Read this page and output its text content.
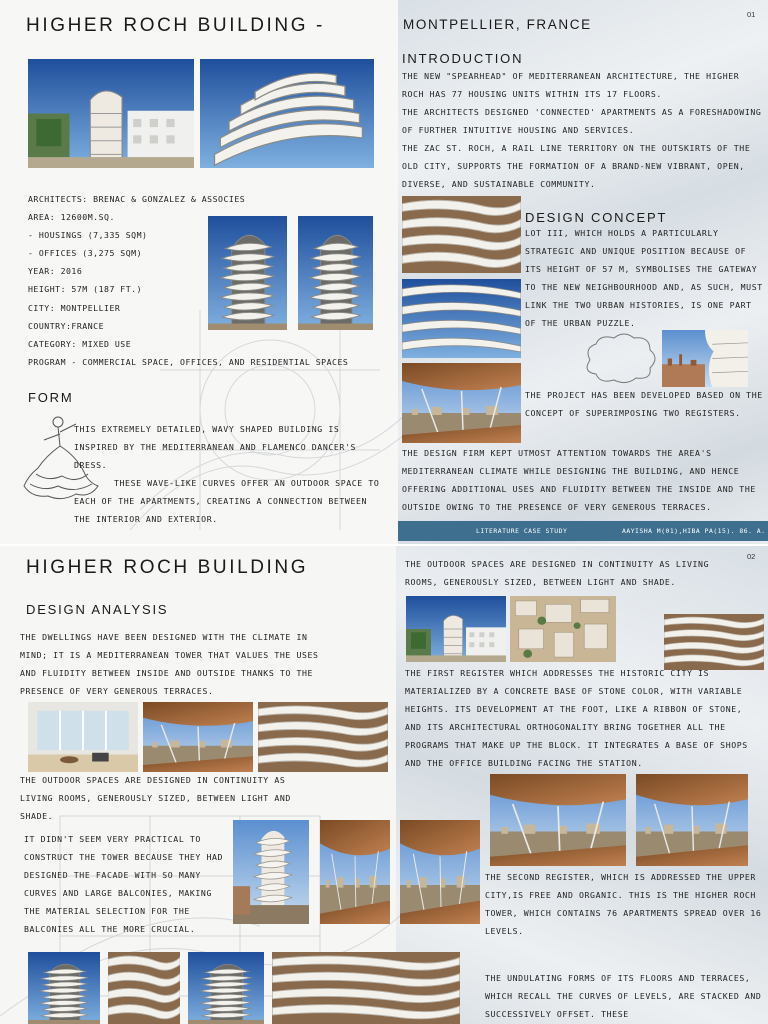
HIGHER ROCH BUILDING -	MONTPELLIER, FRANCE
01
INTRODUCTION

THE NEW "SPEARHEAD" OF MEDITERRANEAN ARCHITECTURE, THE HIGHER ROCH HAS 77 HOUSING UNITS WITHIN ITS 17 FLOORS.

THE ARCHITECTS DESIGNED 'CONNECTED' APARTMENTS AS A FORESHADOWING OF FURTHER INTUITIVE HOUSING AND SERVICES.

THE ZAC ST. ROCH, A RAIL LINE TERRITORY ON THE OUTSKIRTS OF THE OLD CITY, SUPPORTS THE FORMATION OF A BRAND-NEW VIBRANT, OPEN, DIVERSE, AND SUSTAINABLE COMMUNITY.

ARCHITECTS: BRENAC & GONZALEZ & ASSOCIES
AREA: 12600M.SQ.
- HOUSINGS (7,335 SQM)
- OFFICES (3,275 SQM)
YEAR: 2016
HEIGHT: 57M (187 FT.)
CITY: MONTPELLIER
COUNTRY:FRANCE
CATEGORY: MIXED USE
PROGRAM - COMMERCIAL SPACE, OFFICES, AND RESIDENTIAL SPACES
DESIGN CONCEPT
LOT III, WHICH HOLDS A PARTICULARLY STRATEGIC AND UNIQUE POSITION BECAUSE OF ITS HEIGHT OF 57 M, SYMBOLISES THE GATEWAY TO THE NEW NEIGHBOURHOOD AND, AS SUCH, MUST LINK THE TWO URBAN HISTORIES, IS ONE PART OF THE URBAN PUZZLE.
THE PROJECT HAS BEEN DEVELOPED BASED ON THE CONCEPT OF SUPERIMPOSING TWO REGISTERS.
THE DESIGN FIRM KEPT UTMOST ATTENTION TOWARDS THE AREA'S MEDITERRANEAN CLIMATE WHILE DESIGNING THE BUILDING, AND HENCE OFFERING ADDITIONAL USES AND FLUIDITY BETWEEN THE INSIDE AND THE OUTSIDE OWING TO THE PRESENCE OF VERY GENEROUS TERRACES.
FORM
THIS EXTREMELY DETAILED, WAVY SHAPED BUILDING IS INSPIRED BY THE MEDITERRANEAN AND FLAMENCO DANCER'S DRESS.
THESE WAVE-LIKE CURVES OFFER AN OUTDOOR SPACE TO EACH OF THE APARTMENTS, CREATING A CONNECTION BETWEEN THE INTERIOR AND EXTERIOR.
LITERATURE CASE STUDY	AAYISHA M(01),HIBA PA(15). 86. A.
HIGHER ROCH BUILDING
02
DESIGN ANALYSIS
THE DWELLINGS HAVE BEEN DESIGNED WITH THE CLIMATE IN MIND; IT IS A MEDITERRANEAN TOWER THAT VALUES THE USES AND FLUIDITY BETWEEN INSIDE AND OUTSIDE THANKS TO THE PRESENCE OF VERY GENEROUS TERRACES.
THE OUTDOOR SPACES ARE DESIGNED IN CONTINUITY AS LIVING ROOMS, GENEROUSLY SIZED, BETWEEN LIGHT AND SHADE.
IT DIDN'T SEEM VERY PRACTICAL TO CONSTRUCT THE TOWER BECAUSE THEY HAD DESIGNED THE FACADE WITH SO MANY CURVES AND LARGE BALCONIES, MAKING THE MATERIAL SELECTION FOR THE BALCONIES ALL THE MORE CRUCIAL.
THE OUTDOOR SPACES ARE DESIGNED IN CONTINUITY AS LIVING ROOMS, GENEROUSLY SIZED, BETWEEN LIGHT AND SHADE.
THE FIRST REGISTER WHICH ADDRESSES THE HISTORIC CITY IS MATERIALIZED BY A CONCRETE BASE OF STONE COLOR, WITH VARIABLE HEIGHTS. ITS DEVELOPMENT AT THE FOOT, LIKE A RIBBON OF STONE, AND ITS ARCHITECTURAL ORTHOGONALITY BRING TOGETHER ALL THE PROGRAMS THAT MAKE UP THE BLOCK. IT INTEGRATES A BASE OF SHOPS AND THE OFFICE BUILDING FACING THE STATION.
THE SECOND REGISTER, WHICH IS ADDRESSED THE UPPER CITY,IS FREE AND ORGANIC. THIS IS THE HIGHER ROCH TOWER, WHICH CONTAINS 76 APARTMENTS SPREAD OVER 16 LEVELS.
THE UNDULATING FORMS OF ITS FLOORS AND TERRACES, WHICH RECALL THE CURVES OF LEVELS, ARE STACKED AND SUCCESSIVELY OFFSET. THESE
